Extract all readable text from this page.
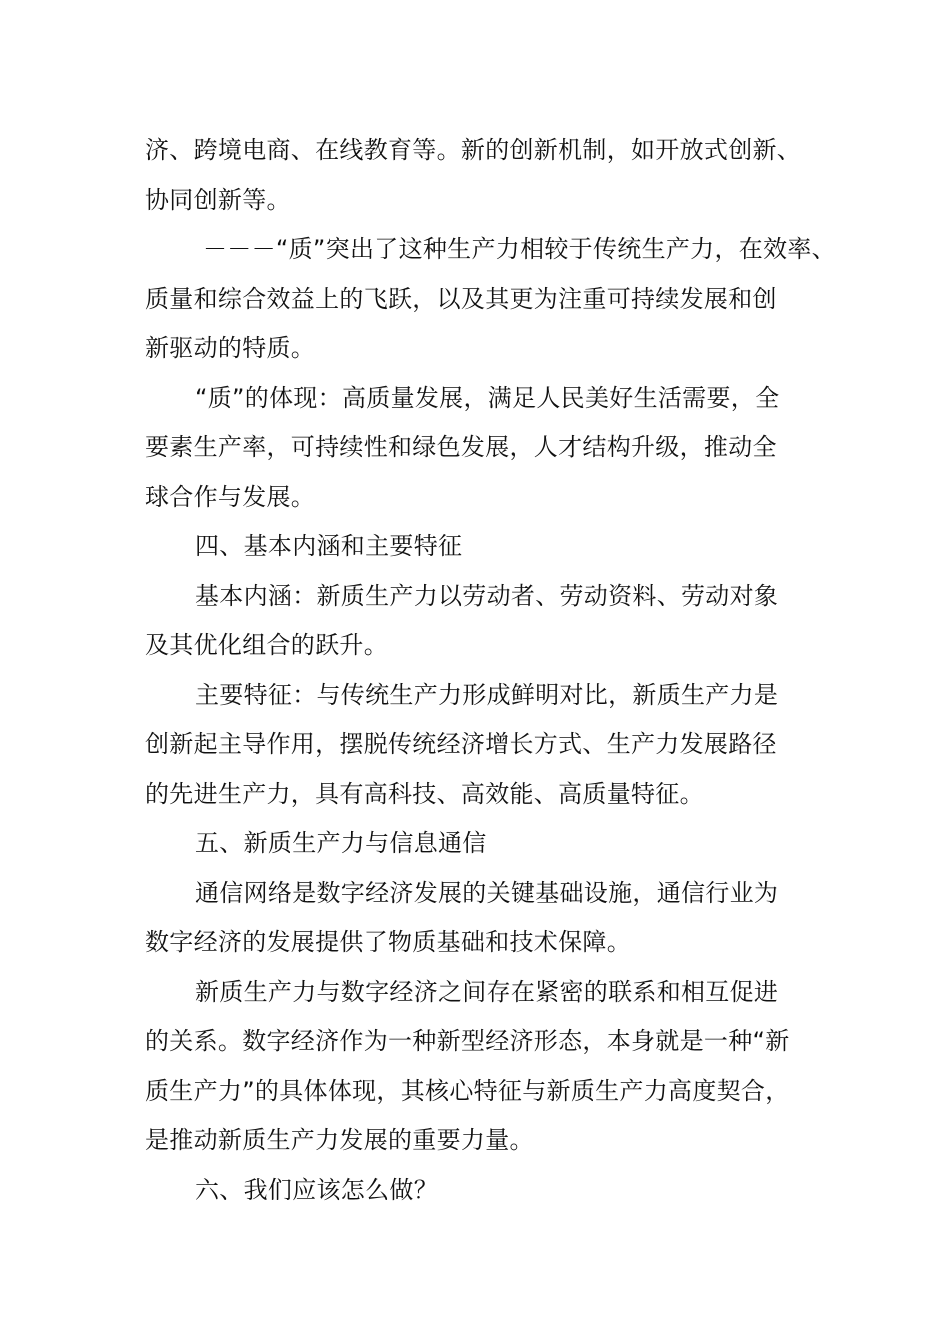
济、跨境电商、在线教育等。新的创新机制，如开放式创新、
协同创新等。

－－－“质”突出了这种生产力相较于传统生产力，在效率、
质量和综合效益上的飞跃，以及其更为注重可持续发展和创
新驱动的特质。

“质”的体现：高质量发展，满足人民美好生活需要，全
要素生产率，可持续性和绿色发展，人才结构升级，推动全
球合作与发展。

四、基本内涵和主要特征

基本内涵：新质生产力以劳动者、劳动资料、劳动对象
及其优化组合的跃升。

主要特征：与传统生产力形成鲜明对比，新质生产力是
创新起主导作用，摆脱传统经济增长方式、生产力发展路径
的先进生产力，具有高科技、高效能、高质量特征。

五、新质生产力与信息通信

通信网络是数字经济发展的关键基础设施，通信行业为
数字经济的发展提供了物质基础和技术保障。

新质生产力与数字经济之间存在紧密的联系和相互促进
的关系。数字经济作为一种新型经济形态，本身就是一种“新
质生产力”的具体体现，其核心特征与新质生产力高度契合，
是推动新质生产力发展的重要力量。

六、我们应该怎么做？
